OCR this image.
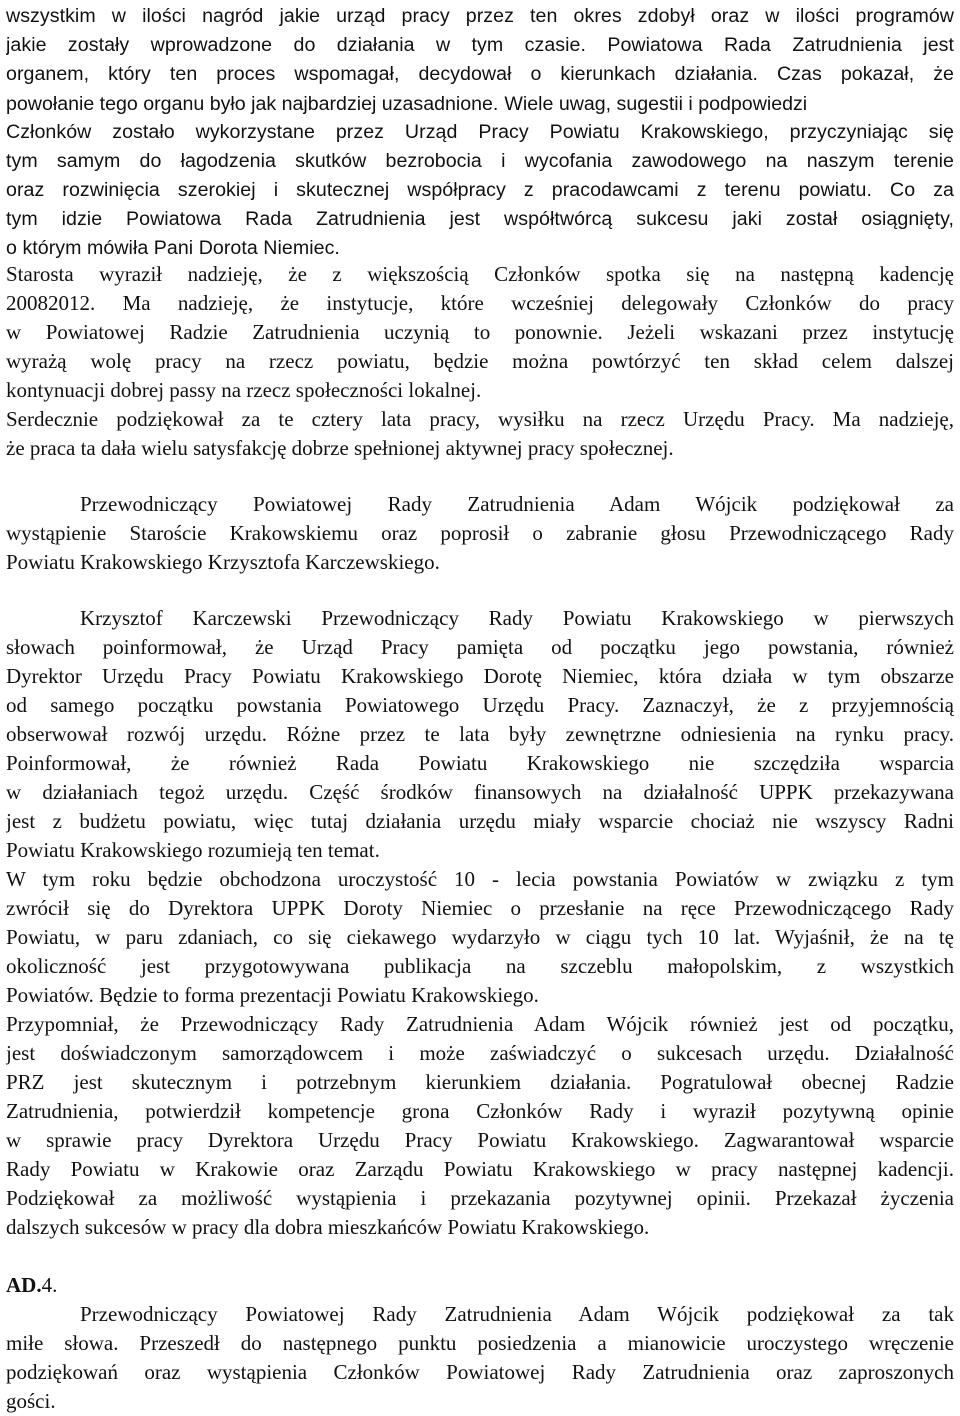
wszystkim w ilości nagród jakie urząd pracy przez ten okres zdobył oraz w ilości programów
jakie zostały wprowadzone do działania w tym czasie. Powiatowa Rada Zatrudnienia jest
organem, który ten proces wspomagał, decydował o kierunkach działania. Czas pokazał, że
powołanie tego organu było jak najbardziej uzasadnione. Wiele uwag, sugestii i podpowiedzi
Członków zostało wykorzystane przez Urząd Pracy Powiatu Krakowskiego, przyczyniając się
tym samym do łagodzenia skutków bezrobocia i wycofania zawodowego na naszym terenie
oraz rozwinięcia szerokiej i skutecznej współpracy z pracodawcami z terenu powiatu. Co za
tym idzie Powiatowa Rada Zatrudnienia jest współtwórcą sukcesu jaki został osiągnięty,
o którym mówiła Pani Dorota Niemiec.
Starosta wyraził nadzieję, że z większością Członków spotka się na następną kadencję
20082012. Ma nadzieję, że instytucje, które wcześniej delegowały Członków do pracy
w Powiatowej Radzie Zatrudnienia uczynią to ponownie. Jeżeli wskazani przez instytucję
wyrażą wolę pracy na rzecz powiatu, będzie można powtórzyć ten skład celem dalszej
kontynuacji dobrej passy na rzecz społeczności lokalnej.
Serdecznie podziękował za te cztery lata pracy, wysiłku na rzecz Urzędu Pracy. Ma nadzieję,
że praca ta dała wielu satysfakcję dobrze spełnionej aktywnej pracy społecznej.
Przewodniczący Powiatowej Rady Zatrudnienia Adam Wójcik podziękował za
wystąpienie Staroście Krakowskiemu oraz poprosił o zabranie głosu Przewodniczącego Rady
Powiatu Krakowskiego Krzysztofa Karczewskiego.
Krzysztof Karczewski Przewodniczący Rady Powiatu Krakowskiego w pierwszych
słowach poinformował, że Urząd Pracy pamięta od początku jego powstania, również
Dyrektor Urzędu Pracy Powiatu Krakowskiego Dorotę Niemiec, która działa w tym obszarze
od samego początku powstania Powiatowego Urzędu Pracy. Zaznaczył, że z przyjemnością
obserwował rozwój urzędu. Różne przez te lata były zewnętrzne odniesienia na rynku pracy.
Poinformował, że również Rada Powiatu Krakowskiego nie szczędziła wsparcia
w działaniach tegoż urzędu. Część środków finansowych na działalność UPPK przekazywana
jest z budżetu powiatu, więc tutaj działania urzędu miały wsparcie chociaż nie wszyscy Radni
Powiatu Krakowskiego rozumieją ten temat.
W tym roku będzie obchodzona uroczystość 10 - lecia powstania Powiatów w związku z tym
zwrócił się do Dyrektora UPPK Doroty Niemiec o przesłanie na ręce Przewodniczącego Rady
Powiatu, w paru zdaniach, co się ciekawego wydarzyło w ciągu tych 10 lat. Wyjaśnił, że na tę
okoliczność jest przygotowywana publikacja na szczeblu małopolskim, z wszystkich
Powiatów. Będzie to forma prezentacji Powiatu Krakowskiego.
Przypomniał, że Przewodniczący Rady Zatrudnienia Adam Wójcik również jest od początku,
jest doświadczonym samorządowcem i może zaświadczyć o sukcesach urzędu. Działalność
PRZ jest skutecznym i potrzebnym kierunkiem działania. Pogratulował obecnej Radzie
Zatrudnienia, potwierdził kompetencje grona Członków Rady i wyraził pozytywną opinie
w sprawie pracy Dyrektora Urzędu Pracy Powiatu Krakowskiego. Zagwarantował wsparcie
Rady Powiatu w Krakowie oraz Zarządu Powiatu Krakowskiego w pracy następnej kadencji.
Podziękował za możliwość wystąpienia i przekazania pozytywnej opinii. Przekazał życzenia
dalszych sukcesów w pracy dla dobra mieszkańców Powiatu Krakowskiego.
AD.4.
Przewodniczący Powiatowej Rady Zatrudnienia Adam Wójcik podziękował za tak
miłe słowa. Przeszedł do następnego punktu posiedzenia a mianowicie uroczystego wręczenie
podziękowań oraz wystąpienia Członków Powiatowej Rady Zatrudnienia oraz zaproszonych
gości.
